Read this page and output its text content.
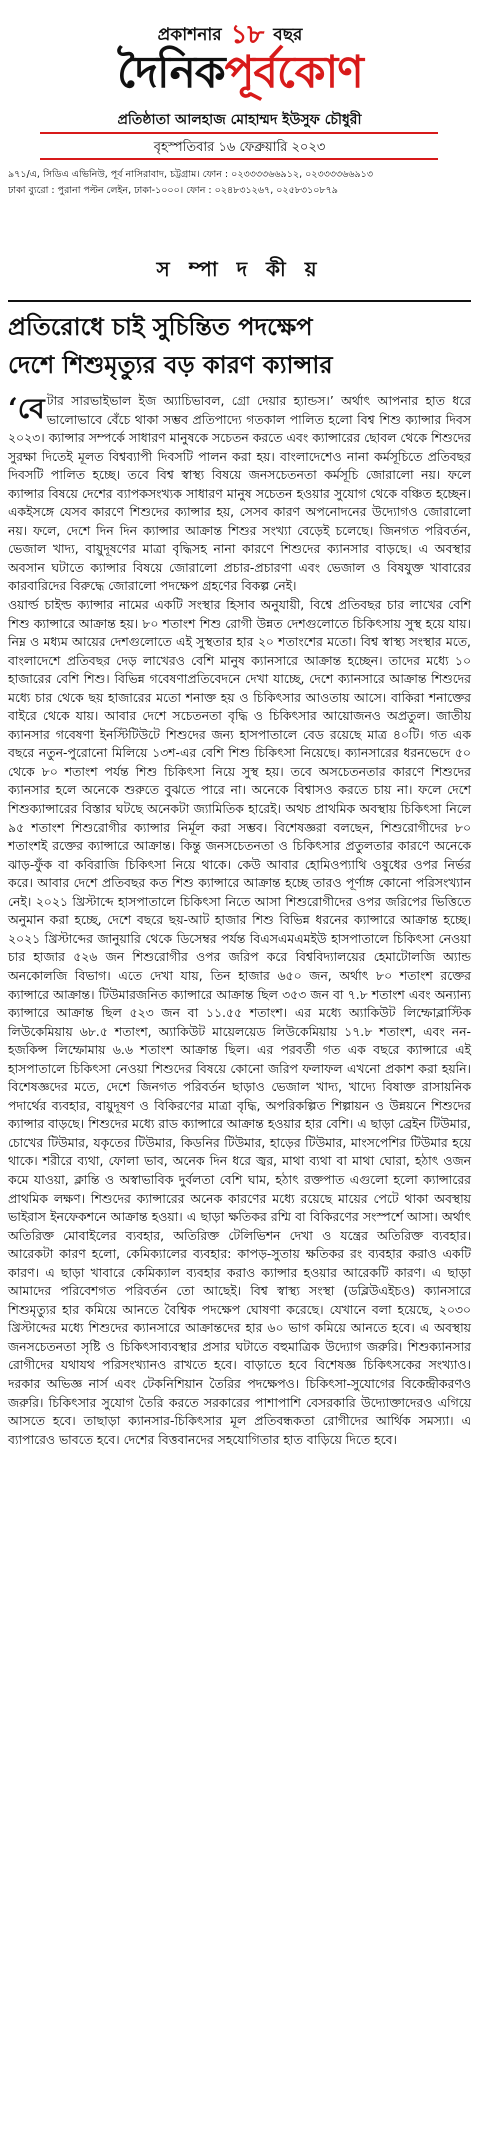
প্রকাশনার ১৮ বছর
দৈনিকপূর্বকোণ
প্রতিষ্ঠাতা আলহাজ মোহাম্মদ ইউসুফ চৌধুরী
বৃহস্পতিবার ১৬ ফেব্রুয়ারি ২০২৩
৯৭১/এ, সিডিএ এভিনিউ, পূর্ব নাসিরাবাদ, চট্টগ্রাম। ফোন : ০২৩৩৩৩৬৬৯১২, ০২৩৩৩৩৬৬৯১৩
ঢাকা ব্যুরো : পুরানা পল্টন লেইন, ঢাকা-১০০০। ফোন : ০২৪৮৩১২৬৭, ০২৫৮৩১০৮৭৯
স ম্পা দ কী য়
প্রতিরোধে চাই সুচিন্তিত পদক্ষেপ
দেশে শিশুমৃত্যুর বড় কারণ ক্যান্সার

‘বেটার সারভাইভাল ইজ অ্যাচিভাবল, গ্রো দেয়ার হ্যান্ডস।’ অর্থাৎ আপনার হাত ধরে ভালোভাবে বেঁচে থাকা সম্ভব প্রতিপাদ্যে গতকাল পালিত হলো বিশ্ব শিশু ক্যান্সার দিবস ২০২৩। ক্যান্সার সম্পর্কে সাধারণ মানুষকে সচেতন করতে এবং ক্যান্সারের ছোবল থেকে শিশুদের সুরক্ষা দিতেই মূলত বিশ্বব্যাপী দিবসটি পালন করা হয়। বাংলাদেশেও নানা কর্মসূচিতে প্রতিবছর দিবসটি পালিত হচ্ছে। তবে বিশ্ব স্বাস্থ্য বিষয়ে জনসচেতনতা কর্মসূচি জোরালো নয়। ফলে ক্যান্সার বিষয়ে দেশের ব্যাপকসংখ্যক সাধারণ মানুষ সচেতন হওয়ার সুযোগ থেকে বঞ্চিত হচ্ছেন। একইসঙ্গে যেসব কারণে শিশুদের ক্যান্সার হয়, সেসব কারণ অপনোদনের উদ্যোগও জোরালো নয়। ফলে, দেশে দিন দিন ক্যান্সার আক্রান্ত শিশুর সংখ্যা বেড়েই চলেছে। জিনগত পরিবর্তন, ভেজাল খাদ্য, বায়ুদূষণের মাত্রা বৃদ্ধিসহ নানা কারণে শিশুদের ক্যানসার বাড়ছে। এ অবস্থার অবসান ঘটাতে ক্যান্সার বিষয়ে জোরালো প্রচার-প্রচারণা এবং ভেজাল ও বিষযুক্ত খাবারের কারবারিদের বিরুদ্ধে জোরালো পদক্ষেপ গ্রহণের বিকল্প নেই।

ওয়ার্ল্ড চাইল্ড ক্যান্সার নামের একটি সংস্থার হিসাব অনুযায়ী, বিশ্বে প্রতিবছর চার লাখের বেশি শিশু ক্যান্সারে আক্রান্ত হয়। ৮০ শতাংশ শিশু রোগী উন্নত দেশগুলোতে চিকিৎসায় সুস্থ হয়ে যায়। নিম্ন ও মধ্যম আয়ের দেশগুলোতে এই সুস্থতার হার ২০ শতাংশের মতো। বিশ্ব স্বাস্থ্য সংস্থার মতে, বাংলাদেশে প্রতিবছর দেড় লাখেরও বেশি মানুষ ক্যানসারে আক্রান্ত হচ্ছেন। তাদের মধ্যে ১০ হাজারের বেশি শিশু। বিভিন্ন গবেষণাপ্রতিবেদনে দেখা যাচ্ছে, দেশে ক্যানসারে আক্রান্ত শিশুদের মধ্যে চার থেকে ছয় হাজারের মতো শনাক্ত হয় ও চিকিৎসার আওতায় আসে। বাকিরা শনাক্তের বাইরে থেকে যায়। আবার দেশে সচেতনতা বৃদ্ধি ও চিকিৎসার আয়োজনও অপ্রতুল। জাতীয় ক্যানসার গবেষণা ইনস্টিটিউটে শিশুদের জন্য হাসপাতালে বেড রয়েছে মাত্র ৪০টি। গত এক বছরে নতুন-পুরোনো মিলিয়ে ১৩শ-এর বেশি শিশু চিকিৎসা নিয়েছে। ক্যানসারের ধরনভেদে ৫০ থেকে ৮০ শতাংশ পর্যন্ত শিশু চিকিৎসা নিয়ে সুস্থ হয়। তবে অসচেতনতার কারণে শিশুদের ক্যানসার হলে অনেকে শুরুতে বুঝতে পারে না। অনেকে বিশ্বাসও করতে চায় না। ফলে দেশে শিশুক্যান্সারের বিস্তার ঘটছে অনেকটা জ্যামিতিক হারেই। অথচ প্রাথমিক অবস্থায় চিকিৎসা নিলে ৯৫ শতাংশ শিশুরোগীর ক্যান্সার নির্মূল করা সম্ভব। বিশেষজ্ঞরা বলছেন, শিশুরোগীদের ৮০ শতাংশই রক্তের ক্যান্সারে আক্রান্ত। কিন্তু জনসচেতনতা ও চিকিৎসার প্রতুলতার কারণে অনেকে ঝাড়-ফুঁক বা কবিরাজি চিকিৎসা নিয়ে থাকে। কেউ আবার হোমিওপ্যাথি ওষুধের ওপর নির্ভর করে। আবার দেশে প্রতিবছর কত শিশু ক্যান্সারে আক্রান্ত হচ্ছে তারও পূর্ণাঙ্গ কোনো পরিসংখ্যান নেই। ২০২১ খ্রিস্টাব্দে হাসপাতালে চিকিৎসা নিতে আসা শিশুরোগীদের ওপর জরিপের ভিত্তিতে অনুমান করা হচ্ছে, দেশে বছরে ছয়-আট হাজার শিশু বিভিন্ন ধরনের ক্যান্সারে আক্রান্ত হচ্ছে। ২০২১ খ্রিস্টাব্দের জানুয়ারি থেকে ডিসেম্বর পর্যন্ত বিএসএমএমইউ হাসপাতালে চিকিৎসা নেওয়া চার হাজার ৫২৬ জন শিশুরোগীর ওপর জরিপ করে বিশ্ববিদ্যালয়ের হেমাটোলজি অ্যান্ড অনকোলজি বিভাগ। এতে দেখা যায়, তিন হাজার ৬৫০ জন, অর্থাৎ ৮০ শতাংশ রক্তের ক্যান্সারে আক্রান্ত। টিউমারজনিত ক্যান্সারে আক্রান্ত ছিল ৩৫৩ জন বা ৭.৮ শতাংশ এবং অন্যান্য ক্যান্সারে আক্রান্ত ছিল ৫২৩ জন বা ১১.৫৫ শতাংশ। এর মধ্যে অ্যাকিউট লিম্ফোব্লাস্টিক লিউকেমিয়ায় ৬৮.৫ শতাংশ, অ্যাকিউট মায়েলয়েড লিউকেমিয়ায় ১৭.৮ শতাংশ, এবং নন-হজকিন্স লিম্ফোমায় ৬.৬ শতাংশ আক্রান্ত ছিল। এর পরবর্তী গত এক বছরে ক্যান্সারে এই হাসপাতালে চিকিৎসা নেওয়া শিশুদের বিষয়ে কোনো জরিপ ফলাফল এখনো প্রকাশ করা হয়নি। বিশেষজ্ঞদের মতে, দেশে জিনগত পরিবর্তন ছাড়াও ভেজাল খাদ্য, খাদ্যে বিষাক্ত রাসায়নিক পদার্থের ব্যবহার, বায়ুদূষণ ও বিকিরণের মাত্রা বৃদ্ধি, অপরিকল্পিত শিল্পায়ন ও উন্নয়নে শিশুদের ক্যান্সার বাড়ছে। শিশুদের মধ্যে রাড ক্যান্সারে আক্রান্ত হওয়ার হার বেশি। এ ছাড়া ব্রেইন টিউমার, চোখের টিউমার, যকৃতের টিউমার, কিডনির টিউমার, হাড়ের টিউমার, মাংসপেশির টিউমার হয়ে থাকে। শরীরে ব্যথা, ফোলা ভাব, অনেক দিন ধরে জ্বর, মাথা ব্যথা বা মাথা ঘোরা, হঠাৎ ওজন কমে যাওয়া, ক্লান্তি ও অস্বাভাবিক দুর্বলতা বেশি ঘাম, হঠাৎ রক্তপাত এগুলো হলো ক্যান্সারের প্রাথমিক লক্ষণ। শিশুদের ক্যান্সারের অনেক কারণের মধ্যে রয়েছে মায়ের পেটে থাকা অবস্থায় ভাইরাস ইনফেকশনে আক্রান্ত হওয়া। এ ছাড়া ক্ষতিকর রশ্মি বা বিকিরণের সংস্পর্শে আসা। অর্থাৎ অতিরিক্ত মোবাইলের ব্যবহার, অতিরিক্ত টেলিভিশন দেখা ও যন্ত্রের অতিরিক্ত ব্যবহার। আরেকটা কারণ হলো, কেমিক্যালের ব্যবহার: কাপড়-সুতায় ক্ষতিকর রং ব্যবহার করাও একটি কারণ। এ ছাড়া খাবারে কেমিক্যাল ব্যবহার করাও ক্যান্সার হওয়ার আরেকটি কারণ। এ ছাড়া আমাদের পরিবেশগত পরিবর্তন তো আছেই। বিশ্ব স্বাস্থ্য সংস্থা (ডব্লিউএইচও) ক্যানসারে শিশুমৃত্যুর হার কমিয়ে আনতে বৈশ্বিক পদক্ষেপ ঘোষণা করেছে। যেখানে বলা হয়েছে, ২০৩০ খ্রিস্টাব্দের মধ্যে শিশুদের ক্যানসারে আক্রান্তদের হার ৬০ ভাগ কমিয়ে আনতে হবে। এ অবস্থায় জনসচেতনতা সৃষ্টি ও চিকিৎসাব্যবস্থার প্রসার ঘটাতে বহুমাত্রিক উদ্যোগ জরুরি। শিশুক্যানসার রোগীদের যথাযথ পরিসংখ্যানও রাখতে হবে। বাড়াতে হবে বিশেষজ্ঞ চিকিৎসকের সংখ্যাও। দরকার অভিজ্ঞ নার্স এবং টেকনিশিয়ান তৈরির পদক্ষেপও। চিকিৎসা-সুযোগের বিকেন্দ্রীকরণও জরুরি। চিকিৎসার সুযোগ তৈরি করতে সরকারের পাশাপাশি বেসরকারি উদ্যোক্তাদেরও এগিয়ে আসতে হবে। তাছাড়া ক্যানসার-চিকিৎসার মূল প্রতিবন্ধকতা রোগীদের আর্থিক সমস্যা। এ ব্যাপারেও ভাবতে হবে। দেশের বিত্তবানদের সহযোগিতার হাত বাড়িয়ে দিতে হবে।
